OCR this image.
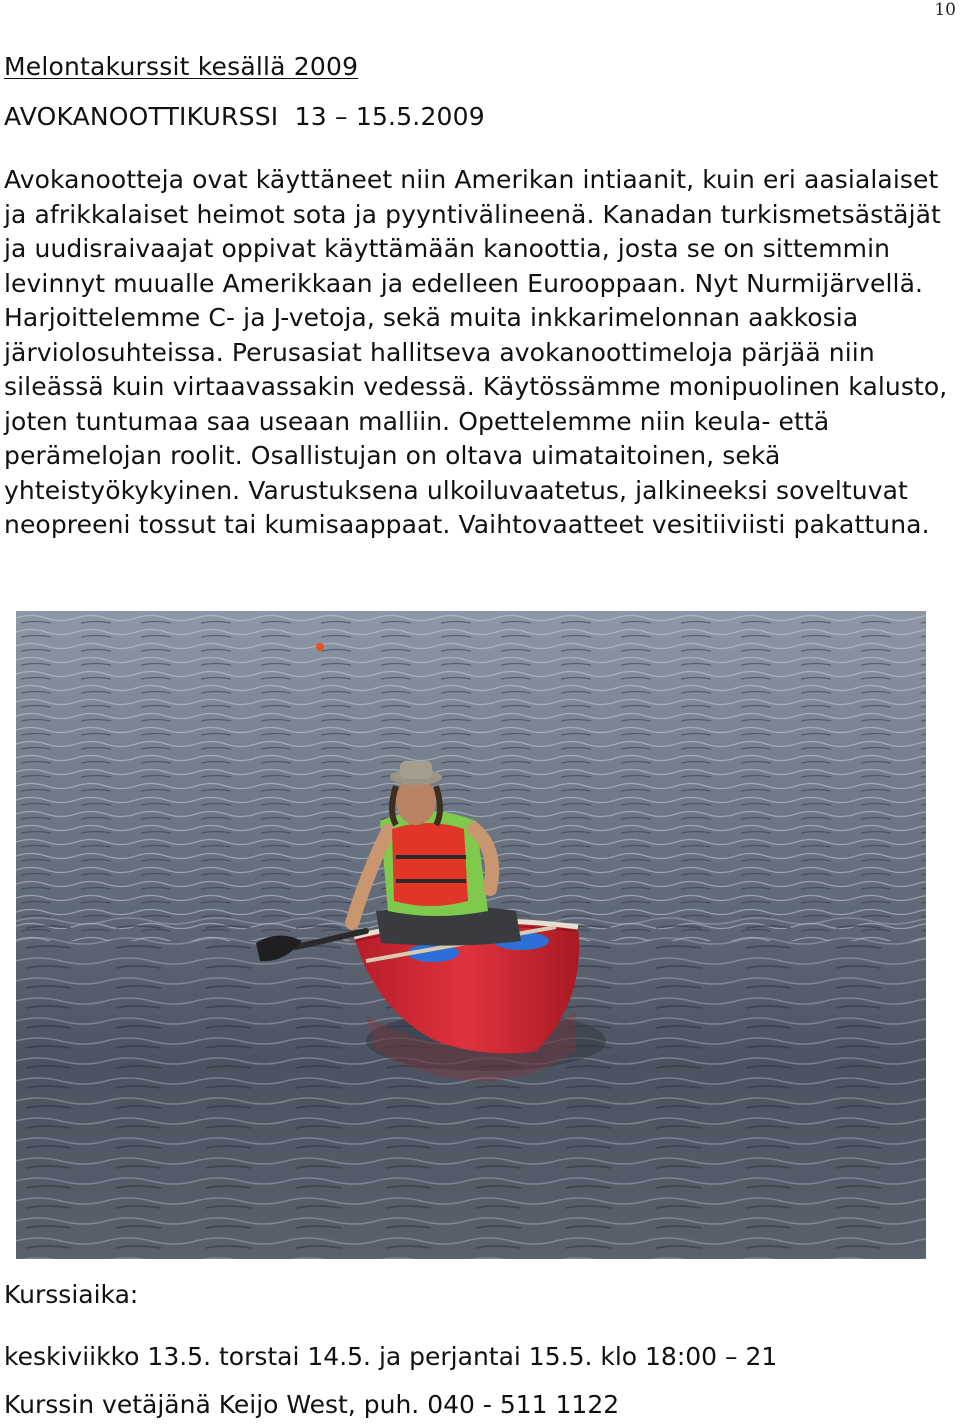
10
Melontakurssit kesällä 2009
AVOKANOOTTIKURSSI  13 – 15.5.2009

Avokanootteja ovat käyttäneet niin Amerikan intiaanit, kuin eri aasialaiset ja afrikkalaiset heimot sota ja pyyntivälineenä. Kanadan turkismetsästäjät ja uudisraivaajat oppivat käyttämään kanoottia, josta se on sittemmin levinnyt muualle Amerikkaan ja edelleen Eurooppaan. Nyt Nurmijärvellä. Harjoittelemme C- ja J-vetoja, sekä muita inkkarimelonnan aakkosia järviolosuhteissa. Perusasiat hallitseva avokanoottimeloja pärjää niin sileässä kuin virtaavassakin vedessä. Käytössämme monipuolinen kalusto, joten tuntumaa saa useaan malliin. Opettelemme niin keula- että perämelojan roolit. Osallistujan on oltava uimataitoinen, sekä yhteistyökykyinen. Varustuksena ulkoiluvaatetus, jalkineeksi soveltuvat neopreeni tossut tai kumisaappaat. Vaihtovaatteet vesitiiviisti pakattuna.

Kurssiaika:
keskiviikko 13.5. torstai 14.5. ja perjantai 15.5. klo 18:00 – 21
Kurssin vetäjänä Keijo West, puh. 040 - 511 1122
